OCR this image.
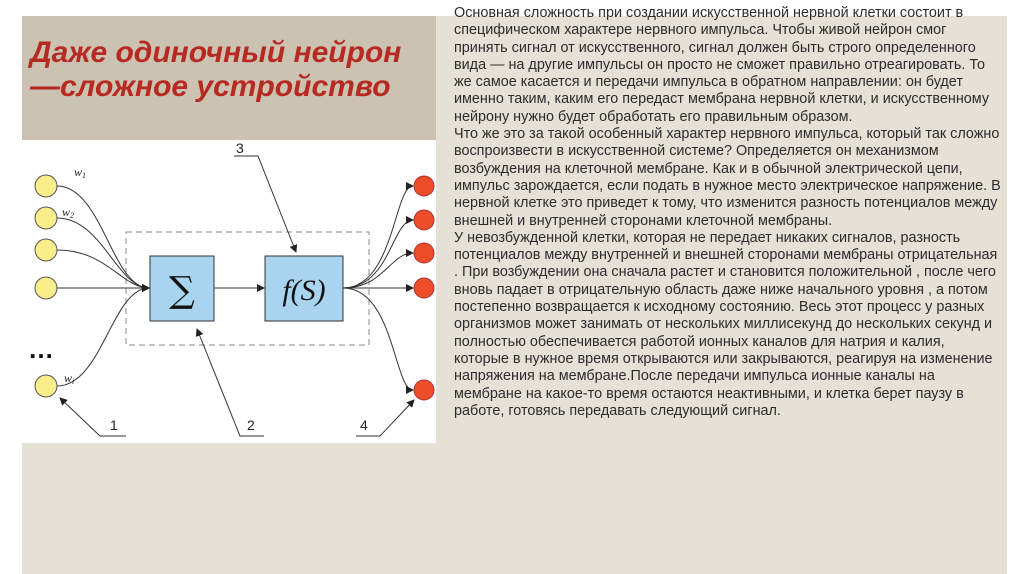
Даже одиночный нейрон —сложное устройство
w1
w2
wi
…
∑	f(S)
1	2
3
4

Основная сложность при создании искусственной нервной клетки состоит в специфическом характере нервного импульса. Чтобы живой нейрон смог принять сигнал от искусственного, сигнал должен быть строго определенного вида — на другие импульсы он просто не сможет правильно отреагировать. То же самое касается и передачи импульса в обратном направлении: он будет именно таким, каким его передаст мембрана нервной клетки, и искусственному нейрону нужно будет обработать его правильным образом.

Что же это за такой особенный характер нервного импульса, который так сложно воспроизвести в искусственной системе? Определяется он механизмом возбуждения на клеточной мембране. Как и в обычной электрической цепи, импульс зарождается, если подать в нужное место электрическое напряжение. В нервной клетке это приведет к тому, что изменится разность потенциалов между внешней и внутренней сторонами клеточной мембраны.

У невозбужденной клетки, которая не передает никаких сигналов, разность потенциалов между внутренней и внешней сторонами мембраны отрицательная . При возбуждении она сначала растет и становится положительной , после чего вновь падает в отрицательную область даже ниже начального уровня , а потом постепенно возвращается к исходному состоянию. Весь этот процесс у разных организмов может занимать от нескольких миллисекунд до нескольких секунд и полностью обеспечивается работой ионных каналов для натрия и калия, которые в нужное время открываются или закрываются, реагируя на изменение напряжения на мембране.После передачи импульса ионные каналы на мембране на какое-то время остаются неактивными, и клетка берет паузу в работе, готовясь передавать следующий сигнал.
